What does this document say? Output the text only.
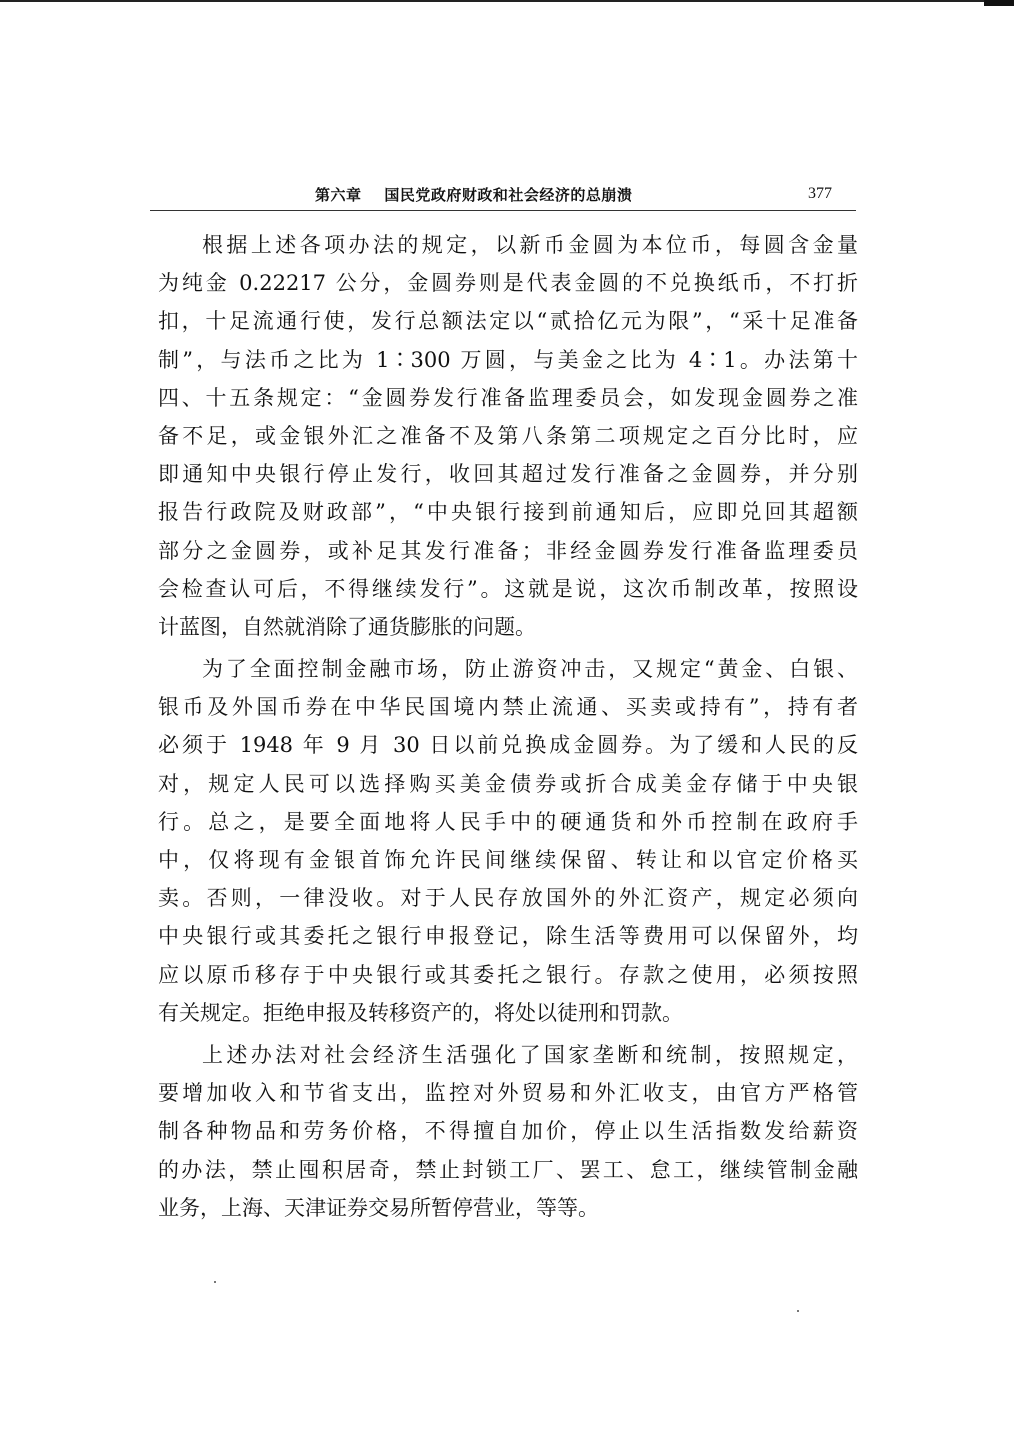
第六章    国民党政府财政和社会经济的总崩溃	377
根据上述各项办法的规定，以新币金圆为本位币，每圆含金量
为纯金 0.22217 公分，金圆券则是代表金圆的不兑换纸币，不打折
扣，十足流通行使，发行总额法定以“贰拾亿元为限”，“采十足准备
制”，与法币之比为 1∶300 万圆，与美金之比为 4∶1。办法第十
四、十五条规定：“金圆券发行准备监理委员会，如发现金圆券之准
备不足，或金银外汇之准备不及第八条第二项规定之百分比时，应
即通知中央银行停止发行，收回其超过发行准备之金圆券，并分别
报告行政院及财政部”，“中央银行接到前通知后，应即兑回其超额
部分之金圆券，或补足其发行准备；非经金圆券发行准备监理委员
会检查认可后，不得继续发行”。这就是说，这次币制改革，按照设
计蓝图，自然就消除了通货膨胀的问题。
为了全面控制金融市场，防止游资冲击，又规定“黄金、白银、
银币及外国币券在中华民国境内禁止流通、买卖或持有”，持有者
必须于 1948 年 9 月 30 日以前兑换成金圆券。为了缓和人民的反
对，规定人民可以选择购买美金债券或折合成美金存储于中央银
行。总之，是要全面地将人民手中的硬通货和外币控制在政府手
中，仅将现有金银首饰允许民间继续保留、转让和以官定价格买
卖。否则，一律没收。对于人民存放国外的外汇资产，规定必须向
中央银行或其委托之银行申报登记，除生活等费用可以保留外，均
应以原币移存于中央银行或其委托之银行。存款之使用，必须按照
有关规定。拒绝申报及转移资产的，将处以徒刑和罚款。
上述办法对社会经济生活强化了国家垄断和统制，按照规定，
要增加收入和节省支出，监控对外贸易和外汇收支，由官方严格管
制各种物品和劳务价格，不得擅自加价，停止以生活指数发给薪资
的办法，禁止囤积居奇，禁止封锁工厂、罢工、怠工，继续管制金融
业务，上海、天津证券交易所暂停营业，等等。
